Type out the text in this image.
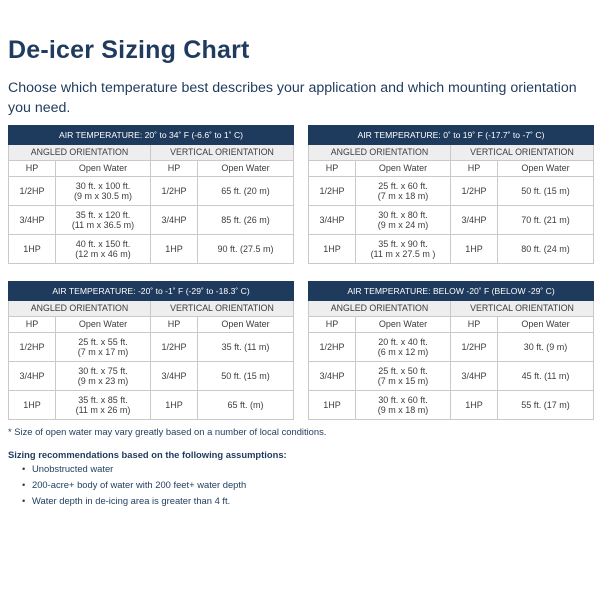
De-icer Sizing Chart

Choose which temperature best describes your application and which mounting orientation you need.

AIR TEMPERATURE: 20˚ to 34˚ F (-6.6˚ to 1˚ C)			
ANGLED ORIENTATION		VERTICAL ORIENTATION	
HP	Open Water	HP	Open Water
1/2HP	30 ft. x 100 ft.
(9 m x 30.5 m)	1/2HP	65 ft. (20 m)
3/4HP	35 ft. x 120 ft.
(11 m x 36.5 m)	3/4HP	85 ft. (26 m)
1HP	40 ft. x 150 ft.
(12 m x 46 m)	1HP	90 ft. (27.5 m)
AIR TEMPERATURE: 0˚ to 19˚ F (-17.7˚ to -7˚ C)			
ANGLED ORIENTATION		VERTICAL ORIENTATION	
HP	Open Water	HP	Open Water
1/2HP	25 ft. x 60 ft.
(7 m x 18 m)	1/2HP	50 ft. (15 m)
3/4HP	30 ft. x 80 ft.
(9 m x 24 m)	3/4HP	70 ft. (21 m)
1HP	35 ft. x 90 ft.
(11 m x 27.5 m )	1HP	80 ft. (24 m)
AIR TEMPERATURE: -20˚ to -1˚ F (-29˚ to -18.3˚ C)			
ANGLED ORIENTATION		VERTICAL ORIENTATION	
HP	Open Water	HP	Open Water
1/2HP	25 ft. x 55 ft.
(7 m x 17 m)	1/2HP	35 ft. (11 m)
3/4HP	30 ft. x 75 ft.
(9 m x 23 m)	3/4HP	50 ft. (15 m)
1HP	35 ft. x 85 ft.
(11 m x 26 m)	1HP	65 ft. (m)
AIR TEMPERATURE: BELOW -20˚ F (BELOW -29˚ C)			
ANGLED ORIENTATION		VERTICAL ORIENTATION	
HP	Open Water	HP	Open Water
1/2HP	20 ft. x 40 ft.
(6 m x 12 m)	1/2HP	30 ft. (9 m)
3/4HP	25 ft. x 50 ft.
(7 m x 15 m)	3/4HP	45 ft. (11 m)
1HP	30 ft. x 60 ft.
(9 m x 18 m)	1HP	55 ft. (17 m)

* Size of open water may vary greatly based on a number of local conditions.

Sizing recommendations based on the following assumptions:

• Unobstructed water
• 200-acre+ body of water with 200 feet+ water depth
• Water depth in de-icing area is greater than 4 ft.
